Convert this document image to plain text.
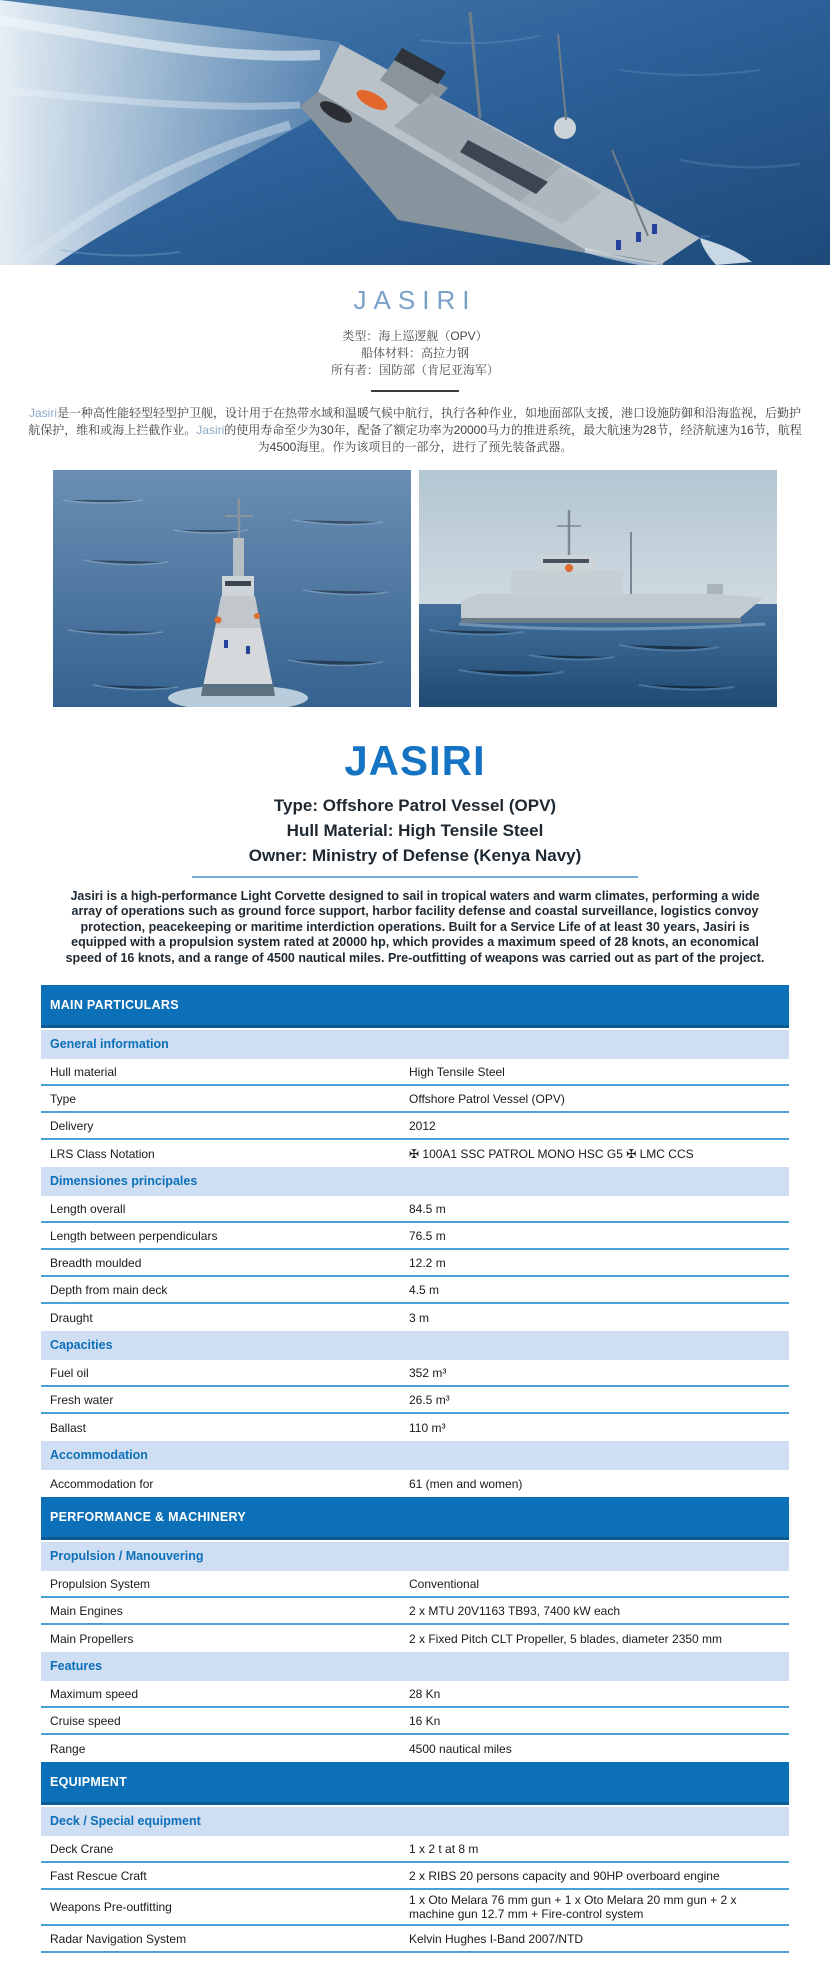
JASIRI
类型：海上巡逻舰（OPV）
船体材料：高拉力钢
所有者：国防部（肯尼亚海军）

Jasiri是一种高性能轻型轻型护卫舰，设计用于在热带水域和温暖气候中航行，执行各种作业，如地面部队支援，港口设施防御和沿海监视，后勤护航保护，维和或海上拦截作业。Jasiri的使用寿命至少为30年，配备了额定功率为20000马力的推进系统，最大航速为28节，经济航速为16节，航程为4500海里。作为该项目的一部分，进行了预先装备武器。

JASIRI
Type: Offshore Patrol Vessel (OPV)
Hull Material: High Tensile Steel
Owner: Ministry of Defense (Kenya Navy)

Jasiri is a high-performance Light Corvette designed to sail in tropical waters and warm climates, performing a wide array of operations such as ground force support, harbor facility defense and coastal surveillance, logistics convoy protection, peacekeeping or maritime interdiction operations. Built for a Service Life of at least 30 years, Jasiri is equipped with a propulsion system rated at 20000 hp, which provides a maximum speed of 28 knots, an economical speed of 16 knots, and a range of 4500 nautical miles. Pre-outfitting of weapons was carried out as part of the project.

MAIN PARTICULARS
General information
Hull material	High Tensile Steel
Type	Offshore Patrol Vessel (OPV)
Delivery	2012
LRS Class Notation	✠ 100A1 SSC PATROL MONO HSC G5 ✠ LMC CCS
Dimensiones principales
Length overall	84.5 m
Length between perpendiculars	76.5 m
Breadth moulded	12.2 m
Depth from main deck	4.5 m
Draught	3 m
Capacities
Fuel oil	352 m³
Fresh water	26.5 m³
Ballast	110 m³
Accommodation
Accommodation for	61 (men and women)
PERFORMANCE & MACHINERY
Propulsion / Manouvering
Propulsion System	Conventional
Main Engines	2 x MTU 20V1163 TB93, 7400 kW each
Main Propellers	2 x Fixed Pitch CLT Propeller, 5 blades, diameter 2350 mm
Features
Maximum speed	28 Kn
Cruise speed	16 Kn
Range	4500 nautical miles
EQUIPMENT
Deck / Special equipment
Deck Crane	1 x 2 t at 8 m
Fast Rescue Craft	2 x RIBS 20 persons capacity and 90HP overboard engine
Weapons Pre-outfitting	1 x Oto Melara 76 mm gun + 1 x Oto Melara 20 mm gun + 2 x machine gun 12.7 mm + Fire-control system
Radar Navigation System	Kelvin Hughes I-Band 2007/NTD
